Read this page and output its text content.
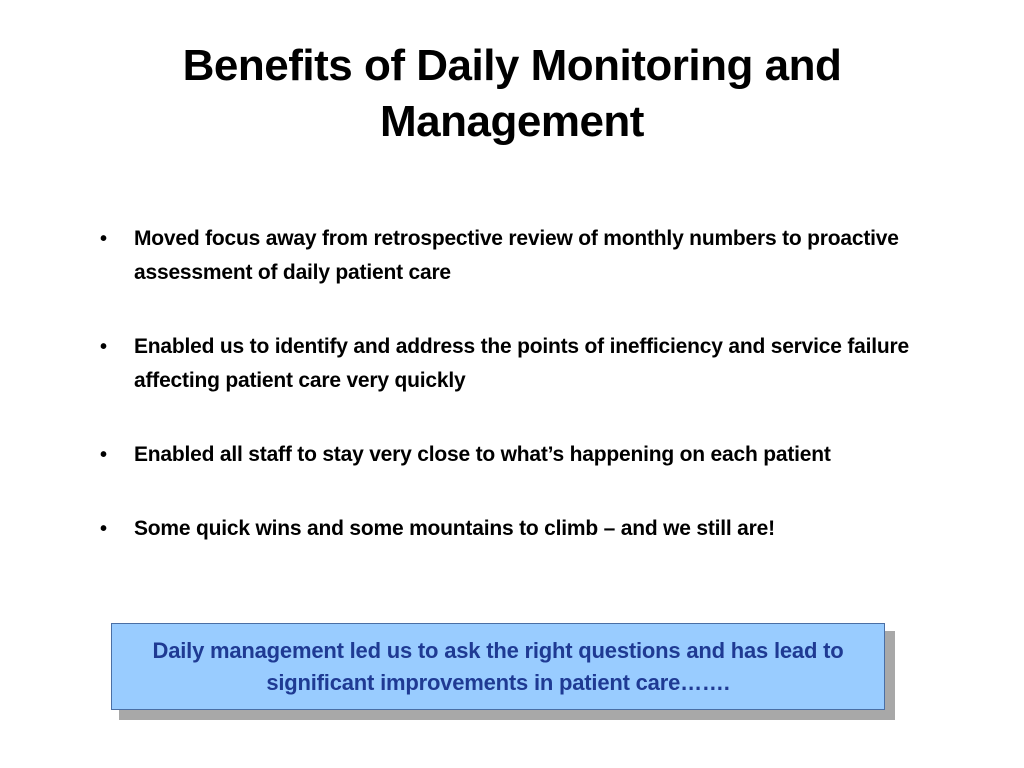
Benefits of Daily Monitoring and Management
•	Moved focus away from retrospective review of monthly numbers to proactive assessment of daily patient care
•	Enabled us to identify and address the points of inefficiency and service failure affecting patient care very quickly
•	Enabled all staff to stay very close to what’s happening on each patient
•	Some quick wins and some mountains to climb – and we still are!
Daily management led us to ask the right questions and has lead to significant improvements in patient care…….
